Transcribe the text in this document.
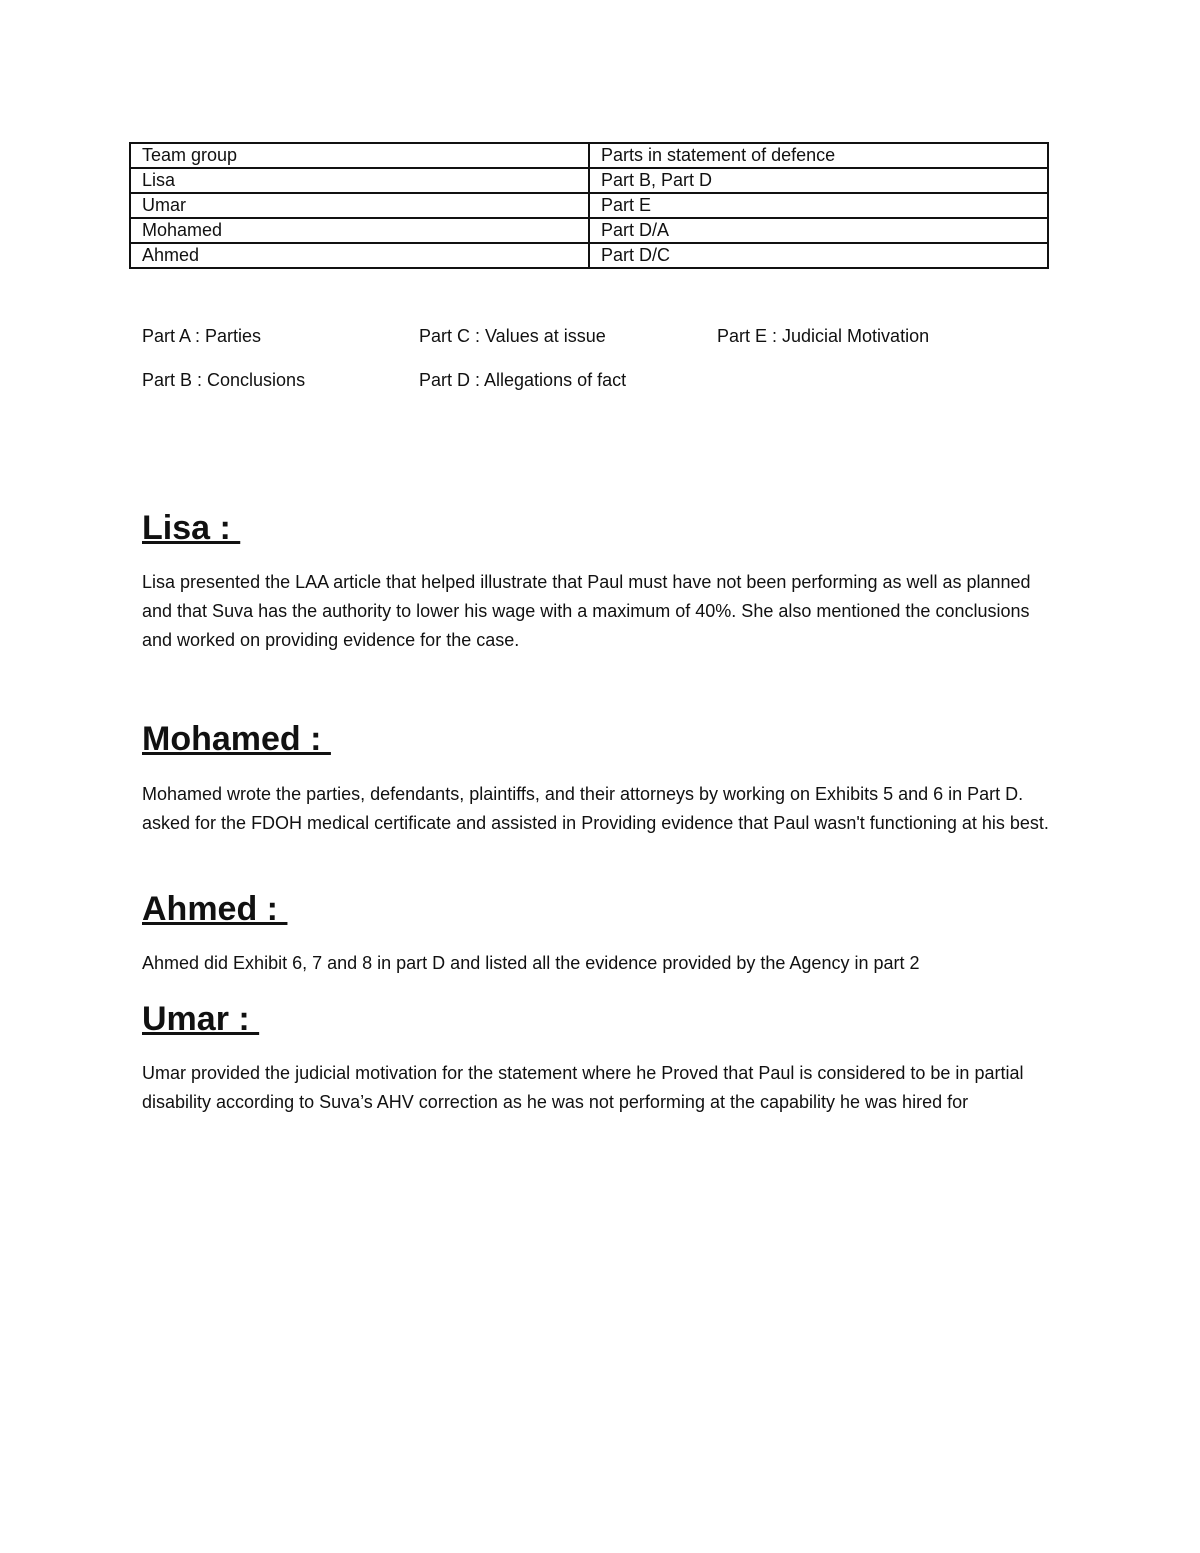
Team group	Parts in statement of defence
Lisa	Part B, Part D
Umar	Part E
Mohamed	Part D/A
Ahmed	Part D/C
Part A : Parties	Part C : Values at issue	Part E : Judicial Motivation
Part B : Conclusions	Part D : Allegations of fact
Lisa :

Lisa presented the LAA article that helped illustrate that Paul must have not been performing as well as planned and that Suva has the authority to lower his wage with a maximum of 40%. She also mentioned the conclusions and worked on providing evidence for the case.

Mohamed :

Mohamed wrote the parties, defendants, plaintiffs, and their attorneys by working on Exhibits 5 and 6 in Part D. asked for the FDOH medical certificate and assisted in Providing evidence that Paul wasn't functioning at his best.

Ahmed :

Ahmed did Exhibit 6, 7 and 8 in part D and listed all the evidence provided by the Agency in part 2

Umar :

Umar provided the judicial motivation for the statement where he Proved that Paul is considered to be in partial disability according to Suva’s AHV correction as he was not performing at the capability he was hired for
